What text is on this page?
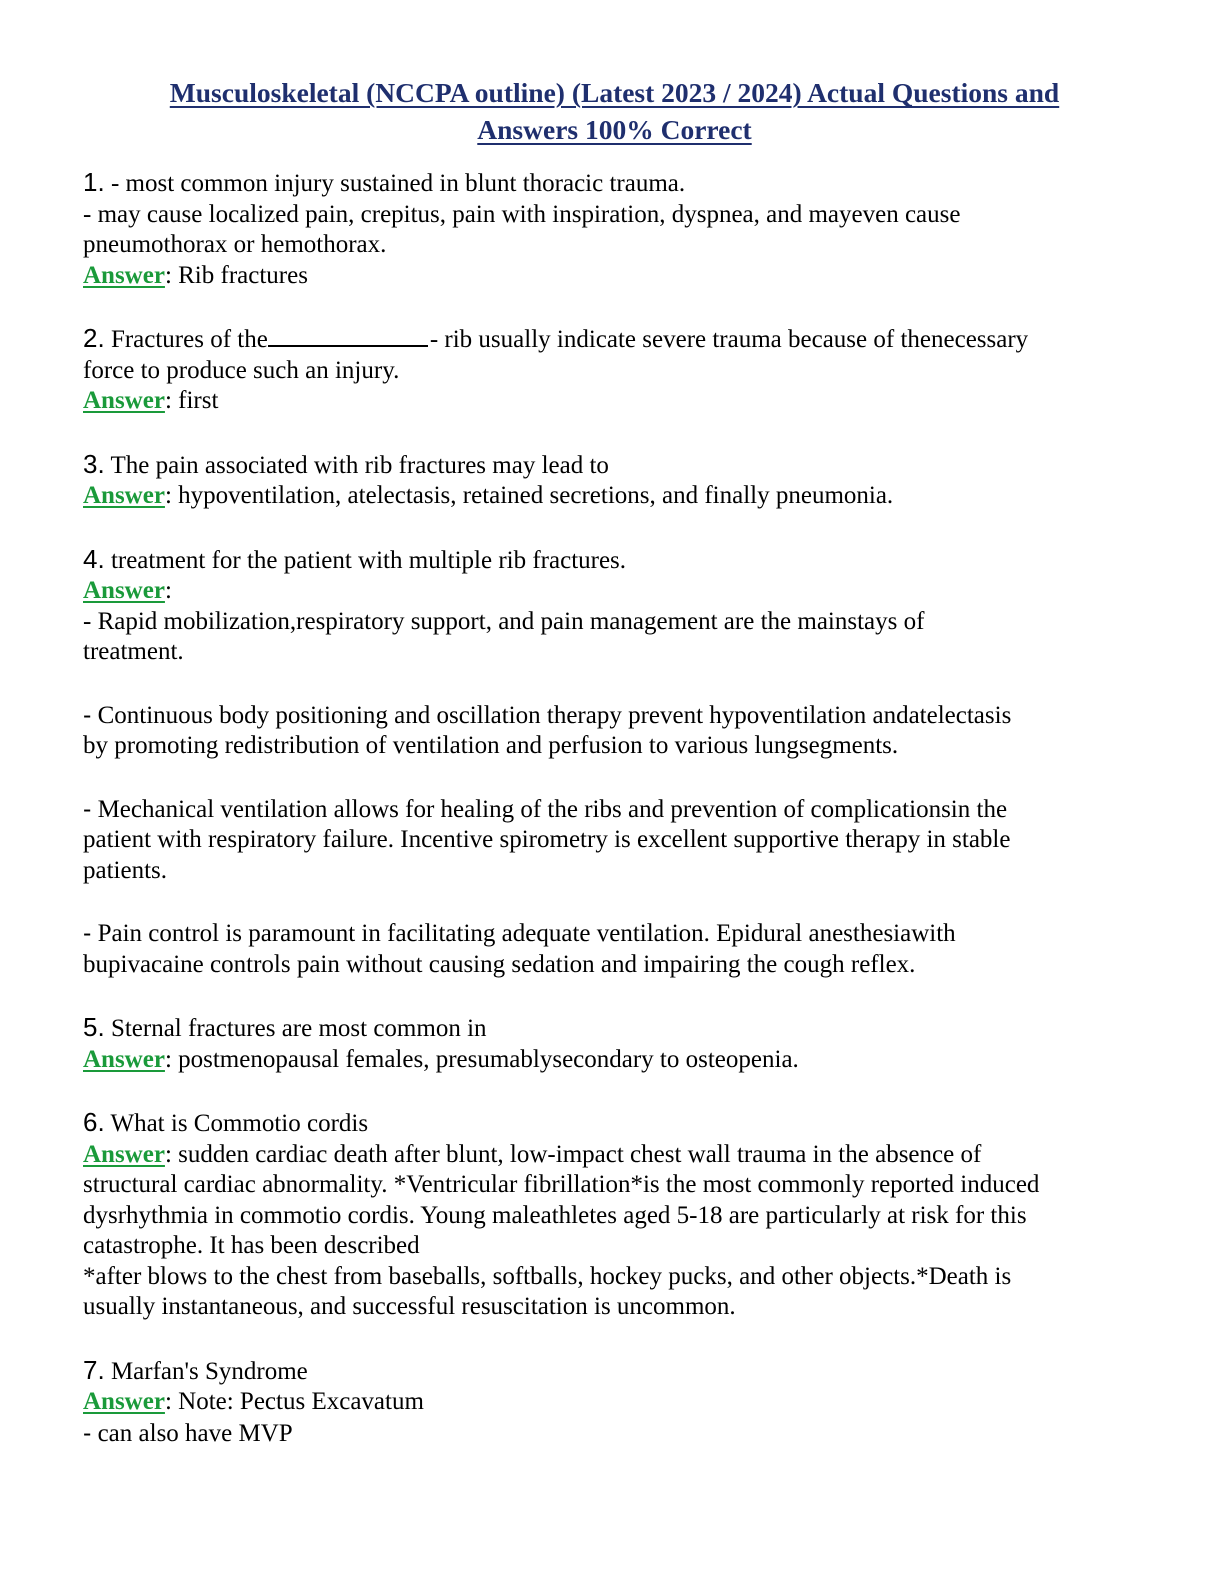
Musculoskeletal (NCCPA outline) (Latest 2023 / 2024) Actual Questions and
Answers 100% Correct

1. - most common injury sustained in blunt thoracic trauma.

- may cause localized pain, crepitus, pain with inspiration, dyspnea, and mayeven cause
pneumothorax or hemothorax.
Answer: Rib fractures

2. Fractures of the	- rib usually indicate severe trauma because of thenecessary

force to produce such an injury.
Answer: first

3. The pain associated with rib fractures may lead to

Answer: hypoventilation, atelectasis, retained secretions, and finally pneumonia.

4. treatment for the patient with multiple rib fractures.

Answer:
- Rapid mobilization,respiratory support, and pain management are the mainstays of
treatment.
- Continuous body positioning and oscillation therapy prevent hypoventilation andatelectasis
by promoting redistribution of ventilation and perfusion to various lungsegments.
- Mechanical ventilation allows for healing of the ribs and prevention of complicationsin the
patient with respiratory failure. Incentive spirometry is excellent supportive therapy in stable
patients.
- Pain control is paramount in facilitating adequate ventilation. Epidural anesthesiawith
bupivacaine controls pain without causing sedation and impairing the cough reflex.

5. Sternal fractures are most common in

Answer: postmenopausal females, presumablysecondary to osteopenia.

6. What is Commotio cordis

Answer: sudden cardiac death after blunt, low-impact chest wall trauma in the absence of
structural cardiac abnormality. *Ventricular fibrillation*is the most commonly reported induced
dysrhythmia in commotio cordis. Young maleathletes aged 5-18 are particularly at risk for this
catastrophe. It has been described
*after blows to the chest from baseballs, softballs, hockey pucks, and other objects.*Death is
usually instantaneous, and successful resuscitation is uncommon.

7. Marfan's Syndrome

Answer: Note: Pectus Excavatum
- can also have MVP
